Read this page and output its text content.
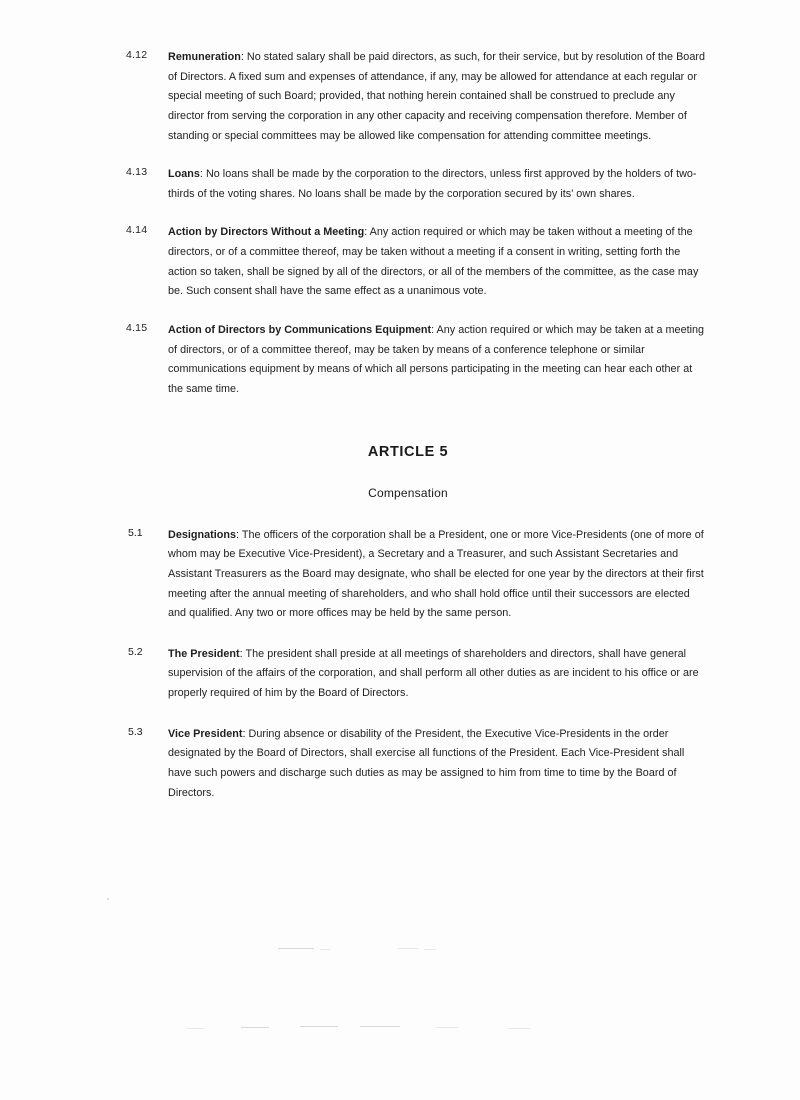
4.12 Remuneration: No stated salary shall be paid directors, as such, for their service, but by resolution of the Board of Directors. A fixed sum and expenses of attendance, if any, may be allowed for attendance at each regular or special meeting of such Board; provided, that nothing herein contained shall be construed to preclude any director from serving the corporation in any other capacity and receiving compensation therefore. Member of standing or special committees may be allowed like compensation for attending committee meetings.
4.13 Loans: No loans shall be made by the corporation to the directors, unless first approved by the holders of two-thirds of the voting shares. No loans shall be made by the corporation secured by its' own shares.
4.14 Action by Directors Without a Meeting: Any action required or which may be taken without a meeting of the directors, or of a committee thereof, may be taken without a meeting if a consent in writing, setting forth the action so taken, shall be signed by all of the directors, or all of the members of the committee, as the case may be. Such consent shall have the same effect as a unanimous vote.
4.15 Action of Directors by Communications Equipment: Any action required or which may be taken at a meeting of directors, or of a committee thereof, may be taken by means of a conference telephone or similar communications equipment by means of which all persons participating in the meeting can hear each other at the same time.
ARTICLE 5
Compensation
5.1 Designations: The officers of the corporation shall be a President, one or more Vice-Presidents (one of more of whom may be Executive Vice-President), a Secretary and a Treasurer, and such Assistant Secretaries and Assistant Treasurers as the Board may designate, who shall be elected for one year by the directors at their first meeting after the annual meeting of shareholders, and who shall hold office until their successors are elected and qualified. Any two or more offices may be held by the same person.
5.2 The President: The president shall preside at all meetings of shareholders and directors, shall have general supervision of the affairs of the corporation, and shall perform all other duties as are incident to his office or are properly required of him by the Board of Directors.
5.3 Vice President: During absence or disability of the President, the Executive Vice-Presidents in the order designated by the Board of Directors, shall exercise all functions of the President. Each Vice-President shall have such powers and discharge such duties as may be assigned to him from time to time by the Board of Directors.
